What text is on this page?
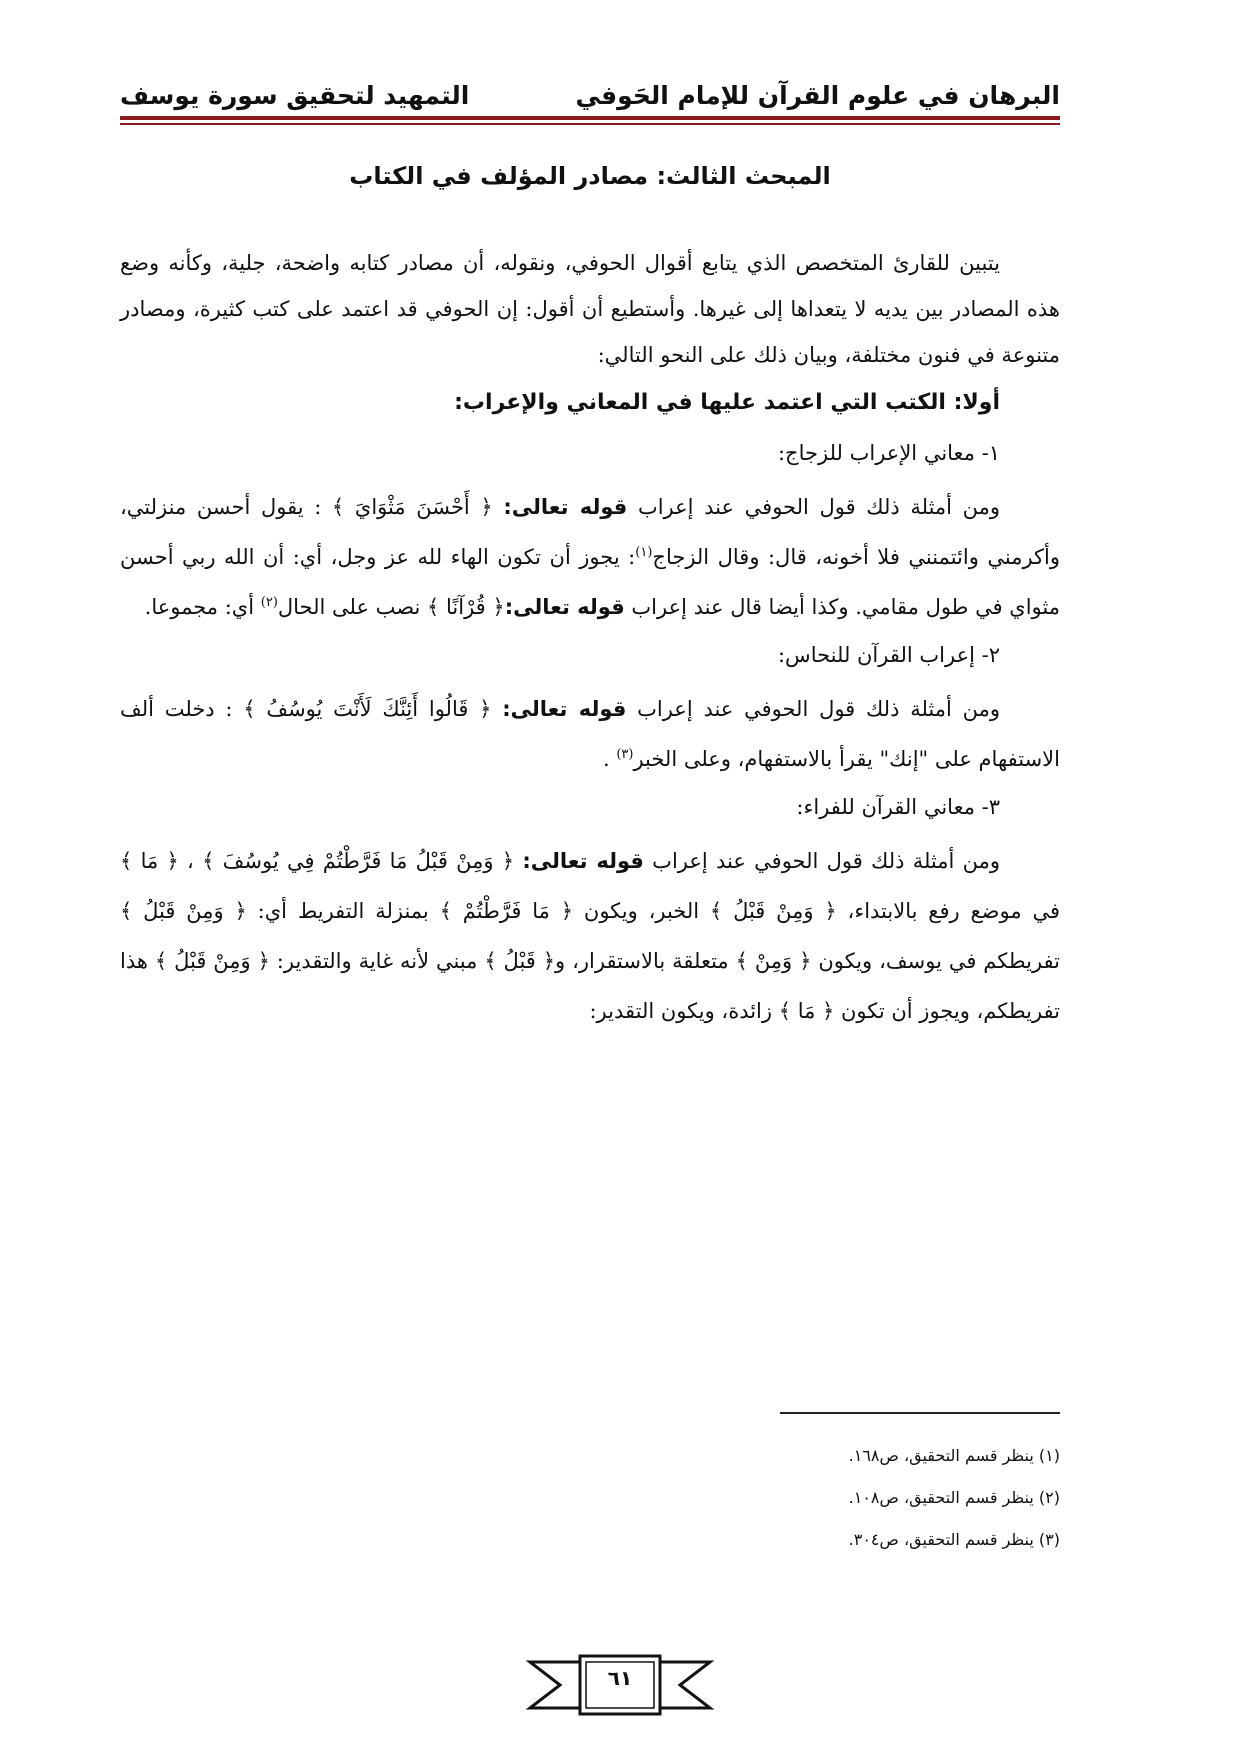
البرهان في علوم القرآن للإمام الحَوفي
التمهيد لتحقيق سورة يوسف
المبحث الثالث: مصادر المؤلف في الكتاب

يتبين للقارئ المتخصص الذي يتابع أقوال الحوفي، ونقوله، أن مصادر كتابه واضحة، جلية، وكأنه وضع هذه المصادر بين يديه لا يتعداها إلى غيرها. وأستطيع أن أقول: إن الحوفي قد اعتمد على كتب كثيرة، ومصادر متنوعة في فنون مختلفة، وبيان ذلك على النحو التالي:

أولا: الكتب التي اعتمد عليها في المعاني والإعراب:

١- معاني الإعراب للزجاج:

ومن أمثلة ذلك قول الحوفي عند إعراب قوله تعالى: ﴿ أَحْسَنَ مَثْوَايَ ﴾ : يقول أحسن منزلتي، وأكرمني وائتمنني فلا أخونه، قال: وقال الزجاج$^{(١)}$: يجوز أن تكون الهاء لله عز وجل، أي: أن الله ربي أحسن مثواي في طول مقامي. وكذا أيضا قال عند إعراب قوله تعالى:﴿ قُرْآنًا ﴾ نصب على الحال$^{(٢)}$ أي: مجموعا.

٢- إعراب القرآن للنحاس:

ومن أمثلة ذلك قول الحوفي عند إعراب قوله تعالى: ﴿ قَالُوا أَئِنَّكَ لَأَنْتَ يُوسُفُ ﴾ : دخلت ألف الاستفهام على "إنك" يقرأ بالاستفهام، وعلى الخبر$^{(٣)}$ .

٣- معاني القرآن للفراء:

ومن أمثلة ذلك قول الحوفي عند إعراب قوله تعالى: ﴿ وَمِنْ قَبْلُ مَا فَرَّطْتُمْ فِي يُوسُفَ ﴾ ، ﴿ مَا ﴾ في موضع رفع بالابتداء، ﴿ وَمِنْ قَبْلُ ﴾ الخبر، ويكون ﴿ مَا فَرَّطْتُمْ ﴾ بمنزلة التفريط أي: ﴿ وَمِنْ قَبْلُ ﴾ تفريطكم في يوسف، ويكون ﴿ وَمِنْ ﴾ متعلقة بالاستقرار، و﴿ قَبْلُ ﴾ مبني لأنه غاية والتقدير: ﴿ وَمِنْ قَبْلُ ﴾ هذا تفريطكم، ويجوز أن تكون ﴿ مَا ﴾ زائدة، ويكون التقدير:

(١) ينظر قسم التحقيق، ص١٦٨.
(٢) ينظر قسم التحقيق، ص١٠٨.
(٣) ينظر قسم التحقيق، ص٣٠٤.
٦١
